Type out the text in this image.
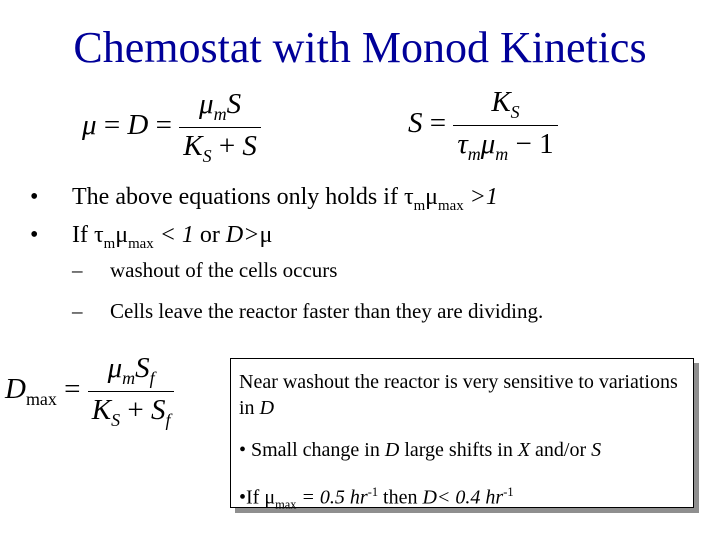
Chemostat with Monod Kinetics
$\mu = D = \frac{\mu_mS}{K_S + S}$	$S = \frac{K_S}{\tau_m\mu_m - 1}$
• The above equations only holds if $\tau_m\mu_{max} >1$
• If $\tau_m\mu_{max} < 1$ or D>μ
– washout of the cells occurs
– Cells leave the reactor faster than they are dividing.
$D_{max} = \frac{\mu_mS_f}{K_S + S_f}$	Near washout the reactor is very sensitive to variations in D

• Small change in D large shifts in X and/or S

•If $\mu_{max} = 0.5$ $hr^{-1}$ then D< 0.4 $hr^{-1}$
